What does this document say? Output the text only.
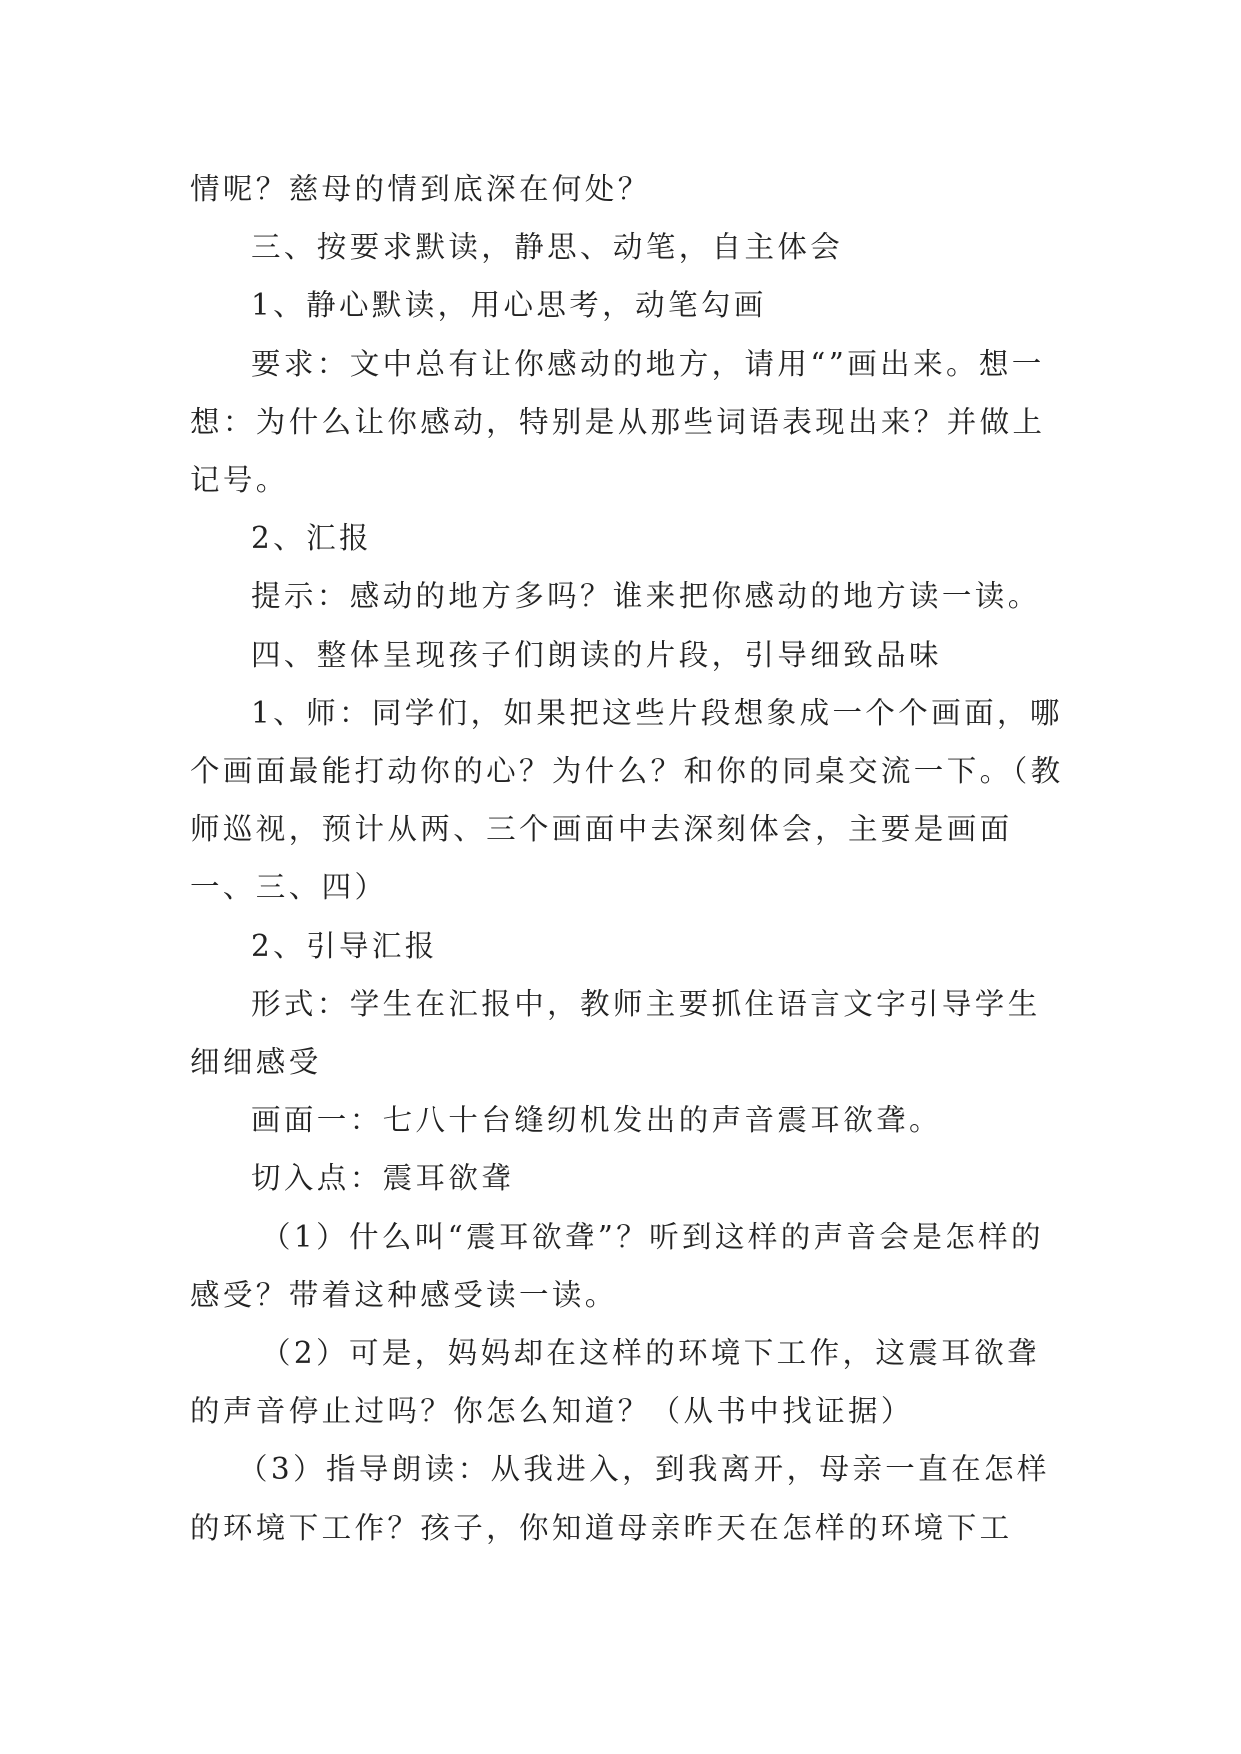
情呢？慈母的情到底深在何处？

三、按要求默读，静思、动笔，自主体会

1、静心默读，用心思考，动笔勾画

要求：文中总有让你感动的地方，请用“”画出来。想一想：为什么让你感动，特别是从那些词语表现出来？并做上记号。

2、汇报

提示：感动的地方多吗？谁来把你感动的地方读一读。

四、整体呈现孩子们朗读的片段，引导细致品味

1、师：同学们，如果把这些片段想象成一个个画面，哪个画面最能打动你的心？为什么？和你的同桌交流一下。（教师巡视，预计从两、三个画面中去深刻体会，主要是画面一、三、四）

2、引导汇报

形式：学生在汇报中，教师主要抓住语言文字引导学生细细感受

画面一：七八十台缝纫机发出的声音震耳欲聋。

切入点：震耳欲聋

（1）什么叫“震耳欲聋”？听到这样的声音会是怎样的感受？带着这种感受读一读。

（2）可是，妈妈却在这样的环境下工作，这震耳欲聋的声音停止过吗？你怎么知道？（从书中找证据）

（3）指导朗读：从我进入，到我离开，母亲一直在怎样的环境下工作？孩子，你知道母亲昨天在怎样的环境下工
